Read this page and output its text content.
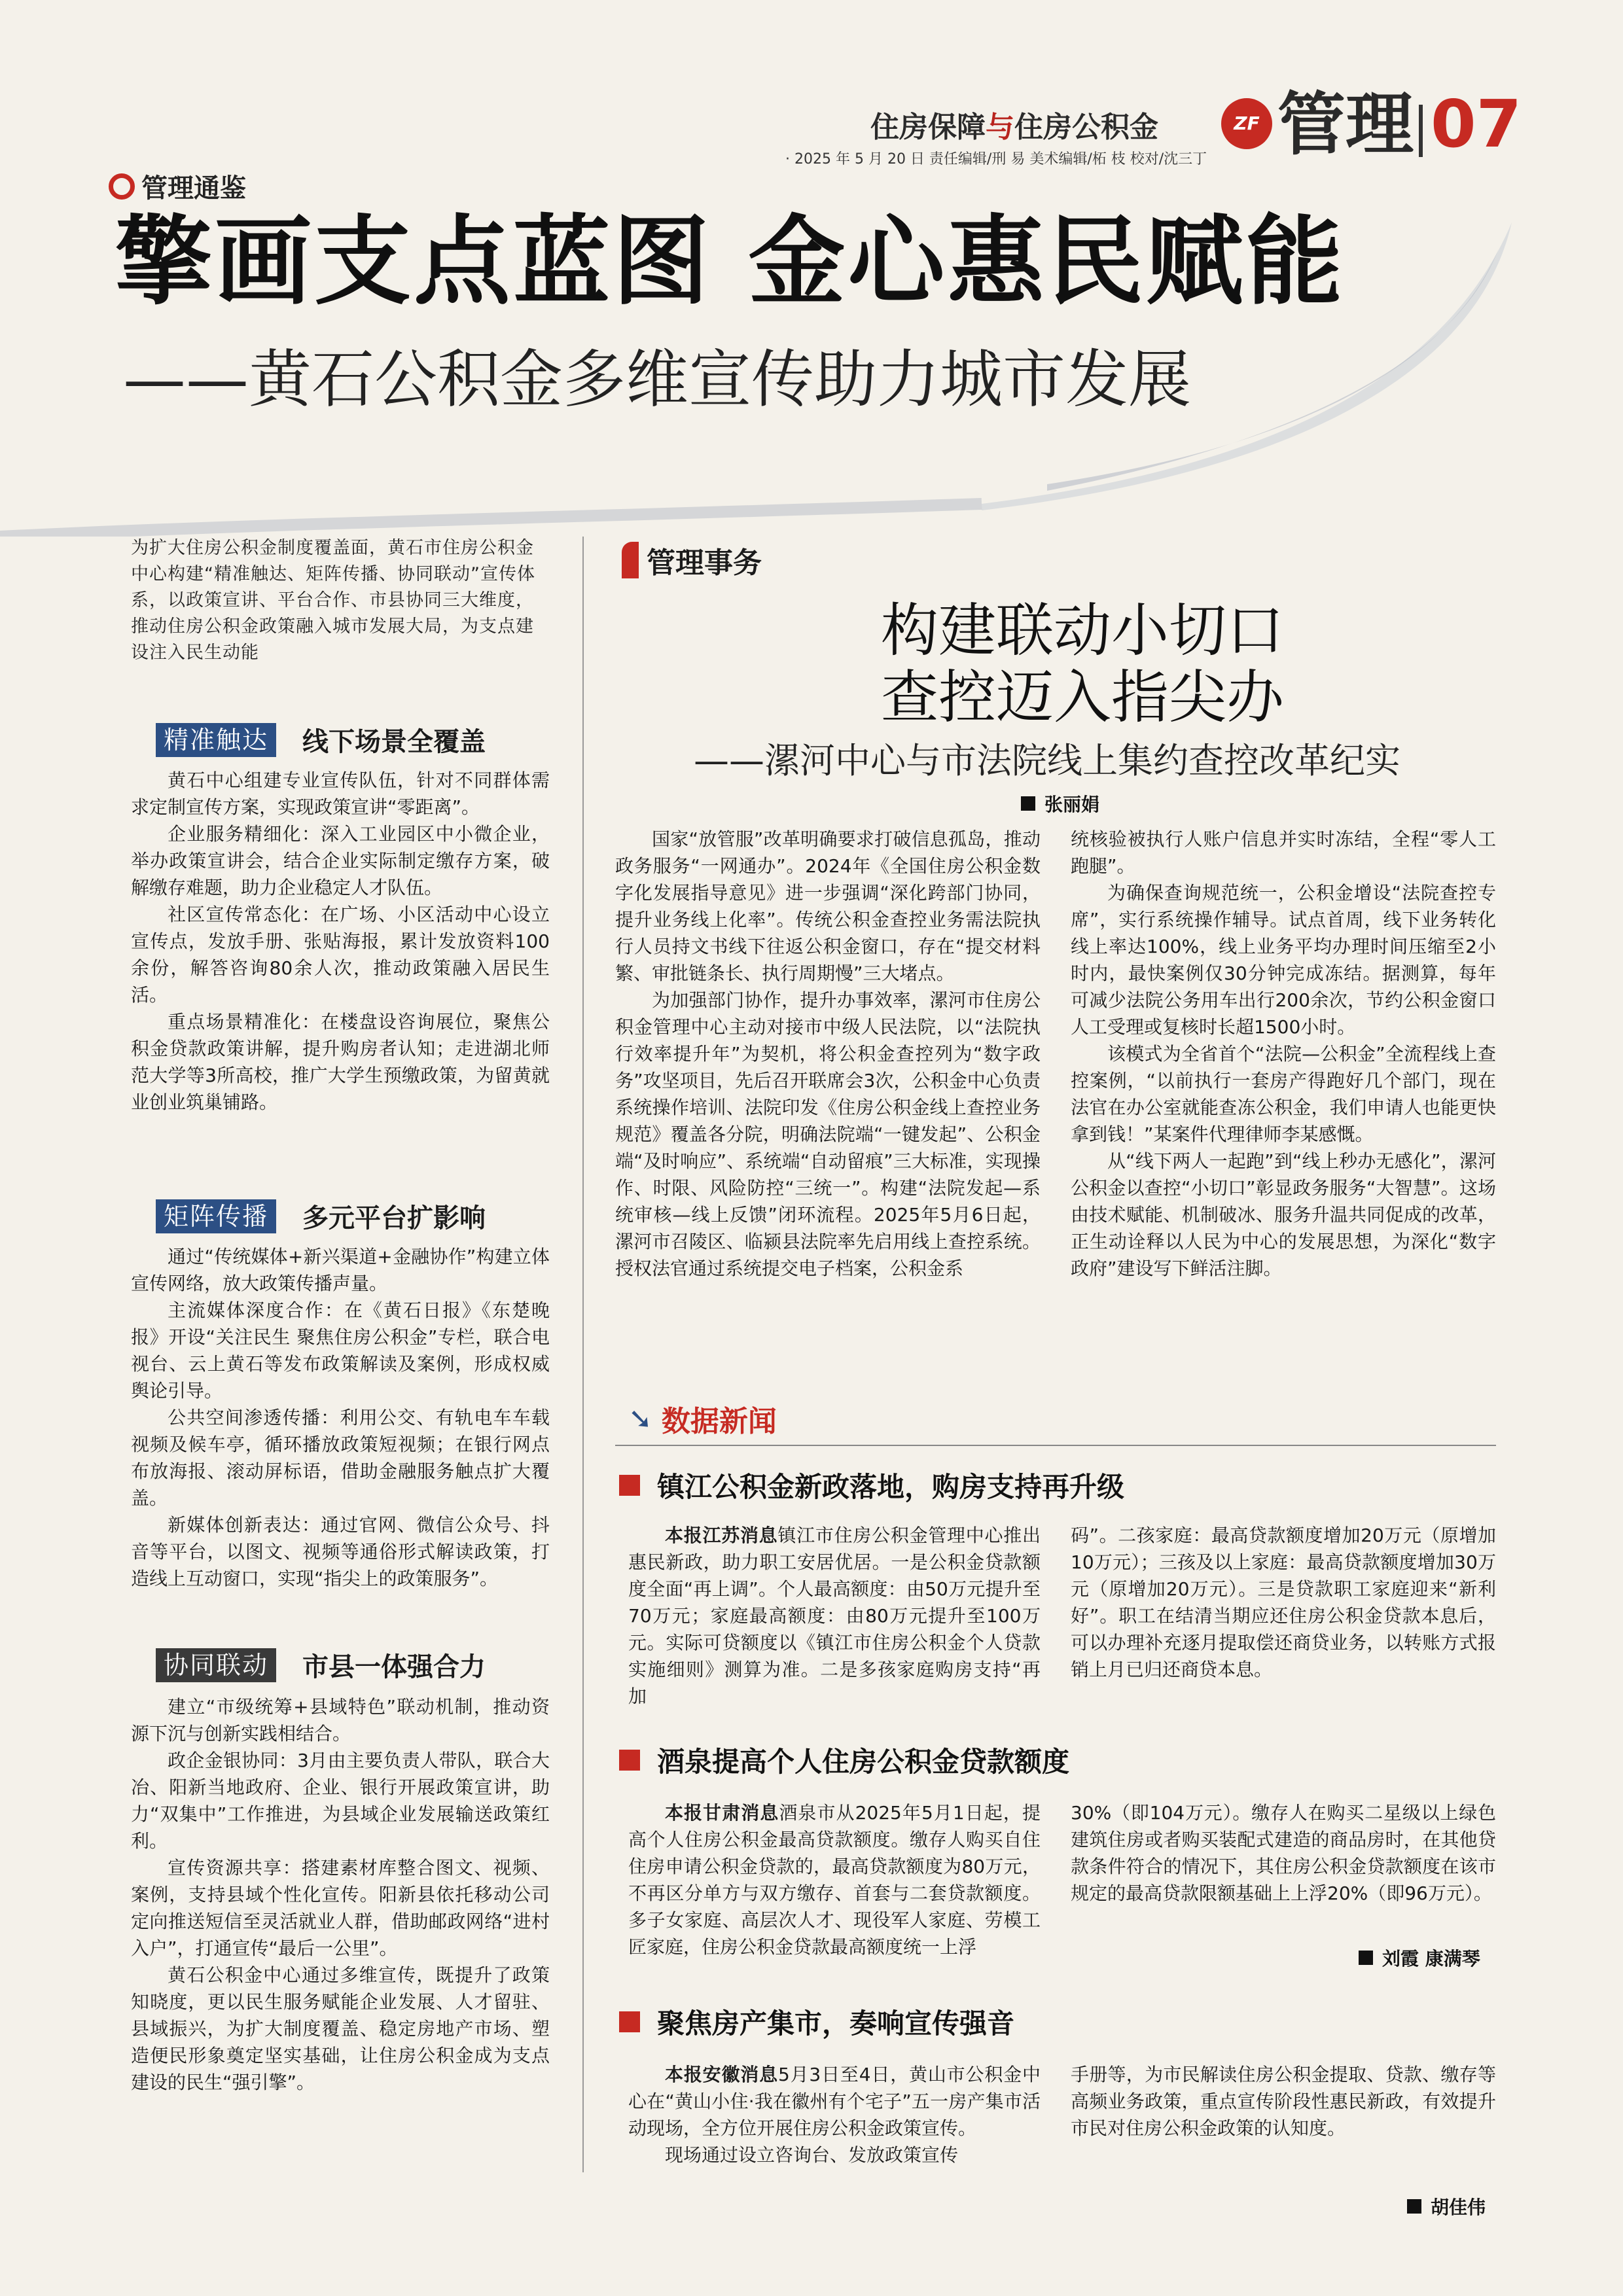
住房保障与住房公积金	ZF 管理 07
· 2025 年 5 月 20 日 责任编辑/刑 易 美术编辑/柘 枝 校对/沈三丁
管理通鉴
擎画支点蓝图 金心惠民赋能
——黄石公积金多维宣传助力城市发展
为扩大住房公积金制度覆盖面，黄石市住房公积金中心构建“精准触达、矩阵传播、协同联动”宣传体系，以政策宣讲、平台合作、市县协同三大维度，推动住房公积金政策融入城市发展大局，为支点建设注入民生动能
精准触达	线下场景全覆盖

黄石中心组建专业宣传队伍，针对不同群体需求定制宣传方案，实现政策宣讲“零距离”。

企业服务精细化：深入工业园区中小微企业，举办政策宣讲会，结合企业实际制定缴存方案，破解缴存难题，助力企业稳定人才队伍。

社区宣传常态化：在广场、小区活动中心设立宣传点，发放手册、张贴海报，累计发放资料100余份，解答咨询80余人次，推动政策融入居民生活。

重点场景精准化：在楼盘设咨询展位，聚焦公积金贷款政策讲解，提升购房者认知；走进湖北师范大学等3所高校，推广大学生预缴政策，为留黄就业创业筑巢铺路。

矩阵传播	多元平台扩影响

通过“传统媒体+新兴渠道+金融协作”构建立体宣传网络，放大政策传播声量。

主流媒体深度合作：在《黄石日报》《东楚晚报》开设“关注民生 聚焦住房公积金”专栏，联合电视台、云上黄石等发布政策解读及案例，形成权威舆论引导。

公共空间渗透传播：利用公交、有轨电车车载视频及候车亭，循环播放政策短视频；在银行网点布放海报、滚动屏标语，借助金融服务触点扩大覆盖。

新媒体创新表达：通过官网、微信公众号、抖音等平台，以图文、视频等通俗形式解读政策，打造线上互动窗口，实现“指尖上的政策服务”。

协同联动	市县一体强合力

建立“市级统筹+县域特色”联动机制，推动资源下沉与创新实践相结合。

政企金银协同：3月由主要负责人带队，联合大冶、阳新当地政府、企业、银行开展政策宣讲，助力“双集中”工作推进，为县域企业发展输送政策红利。

宣传资源共享：搭建素材库整合图文、视频、案例，支持县域个性化宣传。阳新县依托移动公司定向推送短信至灵活就业人群，借助邮政网络“进村入户”，打通宣传“最后一公里”。

黄石公积金中心通过多维宣传，既提升了政策知晓度，更以民生服务赋能企业发展、人才留驻、县域振兴，为扩大制度覆盖、稳定房地产市场、塑造便民形象奠定坚实基础，让住房公积金成为支点建设的民生“强引擎”。

管理事务
构建联动小切口
查控迈入指尖办
——漯河中心与市法院线上集约查控改革纪实
张丽娟

国家“放管服”改革明确要求打破信息孤岛，推动政务服务“一网通办”。2024年《全国住房公积金数字化发展指导意见》进一步强调“深化跨部门协同，提升业务线上化率”。传统公积金查控业务需法院执行人员持文书线下往返公积金窗口，存在“提交材料繁、审批链条长、执行周期慢”三大堵点。

为加强部门协作，提升办事效率，漯河市住房公积金管理中心主动对接市中级人民法院，以“法院执行效率提升年”为契机，将公积金查控列为“数字政务”攻坚项目，先后召开联席会3次，公积金中心负责系统操作培训、法院印发《住房公积金线上查控业务规范》覆盖各分院，明确法院端“一键发起”、公积金端“及时响应”、系统端“自动留痕”三大标准，实现操作、时限、风险防控“三统一”。构建“法院发起—系统审核—线上反馈”闭环流程。2025年5月6日起，漯河市召陵区、临颍县法院率先启用线上查控系统。授权法官通过系统提交电子档案，公积金系

统核验被执行人账户信息并实时冻结，全程“零人工跑腿”。

为确保查询规范统一，公积金增设“法院查控专席”，实行系统操作辅导。试点首周，线下业务转化线上率达100%，线上业务平均办理时间压缩至2小时内，最快案例仅30分钟完成冻结。据测算，每年可减少法院公务用车出行200余次，节约公积金窗口人工受理或复核时长超1500小时。

该模式为全省首个“法院—公积金”全流程线上查控案例，“以前执行一套房产得跑好几个部门，现在法官在办公室就能查冻公积金，我们申请人也能更快拿到钱！”某案件代理律师李某感慨。

从“线下两人一起跑”到“线上秒办无感化”，漯河公积金以查控“小切口”彰显政务服务“大智慧”。这场由技术赋能、机制破冰、服务升温共同促成的改革，正生动诠释以人民为中心的发展思想，为深化“数字政府”建设写下鲜活注脚。

➘ 数据新闻
镇江公积金新政落地，购房支持再升级

本报江苏消息镇江市住房公积金管理中心推出惠民新政，助力职工安居优居。一是公积金贷款额度全面“再上调”。个人最高额度：由50万元提升至70万元；家庭最高额度：由80万元提升至100万元。实际可贷额度以《镇江市住房公积金个人贷款实施细则》测算为准。二是多孩家庭购房支持“再加

码”。二孩家庭：最高贷款额度增加20万元（原增加10万元）；三孩及以上家庭：最高贷款额度增加30万元（原增加20万元）。三是贷款职工家庭迎来“新利好”。职工在结清当期应还住房公积金贷款本息后，可以办理补充逐月提取偿还商贷业务，以转账方式报销上月已归还商贷本息。

酒泉提高个人住房公积金贷款额度

本报甘肃消息酒泉市从2025年5月1日起，提高个人住房公积金最高贷款额度。缴存人购买自住住房申请公积金贷款的，最高贷款额度为80万元，不再区分单方与双方缴存、首套与二套贷款额度。多子女家庭、高层次人才、现役军人家庭、劳模工匠家庭，住房公积金贷款最高额度统一上浮

30%（即104万元）。缴存人在购买二星级以上绿色建筑住房或者购买装配式建造的商品房时，在其他贷款条件符合的情况下，其住房公积金贷款额度在该市规定的最高贷款限额基础上上浮20%（即96万元）。

刘霞 康满琴
聚焦房产集市，奏响宣传强音

本报安徽消息5月3日至4日，黄山市公积金中心在“黄山小住·我在徽州有个宅子”五一房产集市活动现场，全方位开展住房公积金政策宣传。

现场通过设立咨询台、发放政策宣传

手册等，为市民解读住房公积金提取、贷款、缴存等高频业务政策，重点宣传阶段性惠民新政，有效提升市民对住房公积金政策的认知度。

胡佳伟
